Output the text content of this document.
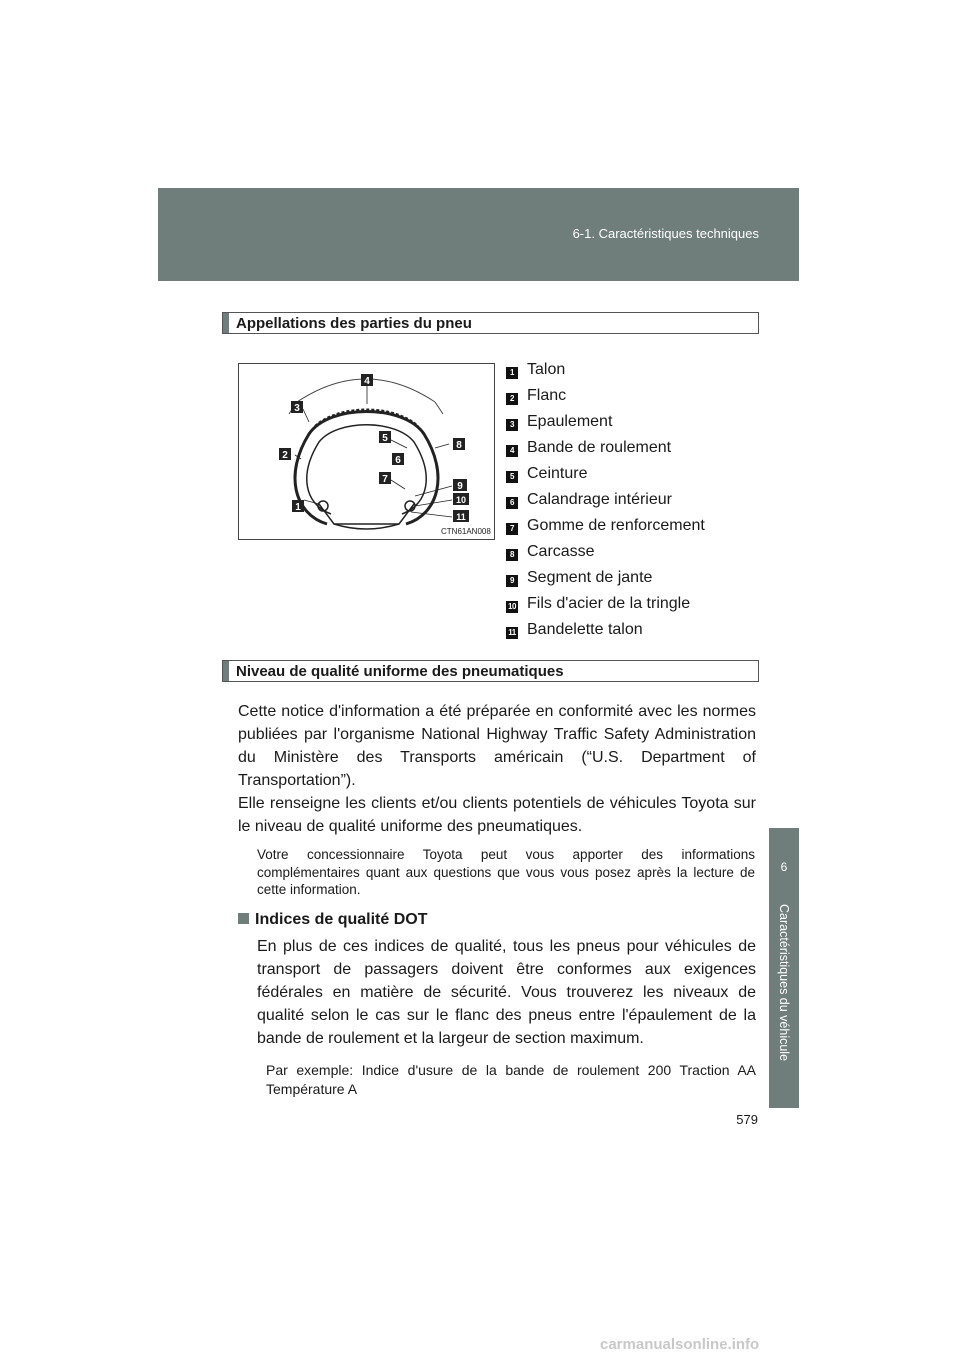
6-1. Caractéristiques techniques
6
Caractéristiques du véhicule
Appellations des parties du pneu
1
2
3
4
5
6
7
8
9
10
11
CTN61AN008
1 Talon
2 Flanc
3 Epaulement
4 Bande de roulement
5 Ceinture
6 Calandrage intérieur
7 Gomme de renforcement
8 Carcasse
9 Segment de jante
10 Fils d'acier de la tringle
11 Bandelette talon
Niveau de qualité uniforme des pneumatiques

Cette notice d'information a été préparée en conformité avec les normes publiées par l'organisme National Highway Traffic Safety Administration du Ministère des Transports américain (“U.S. Department of Transportation”).

Elle renseigne les clients et/ou clients potentiels de véhicules Toyota sur le niveau de qualité uniforme des pneumatiques.

Votre concessionnaire Toyota peut vous apporter des informations complémentaires quant aux questions que vous vous posez après la lecture de cette information.

Indices de qualité DOT

En plus de ces indices de qualité, tous les pneus pour véhicules de transport de passagers doivent être conformes aux exigences fédérales en matière de sécurité. Vous trouverez les niveaux de qualité selon le cas sur le flanc des pneus entre l'épaulement de la bande de roulement et la largeur de section maximum.

Par exemple: Indice d'usure de la bande de roulement 200 Traction AA Température A

579
carmanualsonline.info
